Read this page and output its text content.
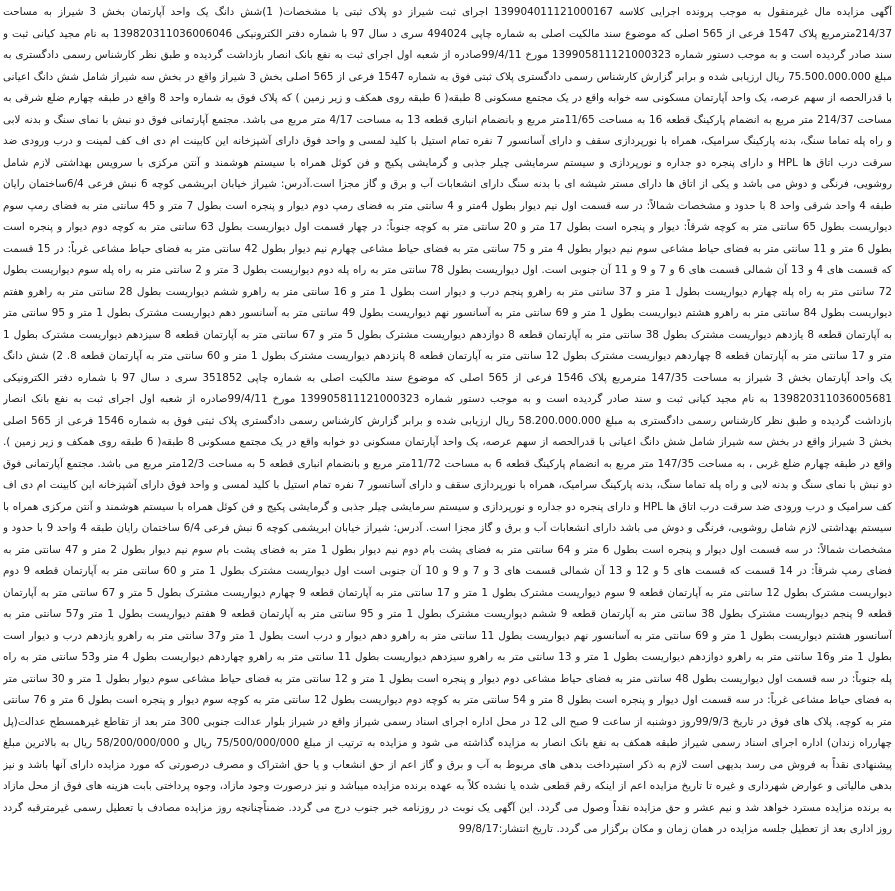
آگهی مزایده مال غیرمنقول به موجب پرونده اجرایی کلاسه 139904011121000167 اجرای ثبت شیراز دو پلاک ثبتی با مشخصات( 1)شش دانگ یک واحد آپارتمان بخش 3 شیراز به مساحت 214/37مترمربع پلاک 1547 فرعی از 565 اصلی که موضوع سند مالکیت اصلی به شماره چاپی 494024 سری د سال 97 با شماره دفتر الکترونیکی 139820311036006046 به نام مجید کیانی ثبت و سند صادر گردیده است و به موجب دستور شماره 139905811121000323 مورخ 99/4/11صادره از شعبه اول اجرای ثبت به نفع بانک انصار بازداشت گردیده و طبق نظر کارشناس رسمی دادگستری به مبلغ 75.500.000.000 ریال ارزیابی شده و برابر گزارش کارشناس رسمی دادگستری پلاک ثبتی فوق به شماره 1547 فرعی از 565 اصلی بخش 3 شیراز واقع در بخش سه شیراز شامل شش دانگ اعیانی با قدرالحصه از سهم عرصه، یک واحد آپارتمان مسکونی سه خوابه واقع در یک مجتمع مسکونی 8 طبقه( 6 طبقه روی همکف و زیر زمین ) که پلاک فوق به شماره واحد 8 واقع در طبقه چهارم ضلع شرقی به مساحت 214/37 متر مربع به انضمام پارکینگ قطعه 16 به مساحت 11/65متر مربع و بانضمام انباری قطعه 13 به مساحت 4/17 متر مربع می باشد. مجتمع آپارتمانی فوق دو نبش با نمای سنگ و بدنه لابی و راه پله تماما سنگ، بدنه پارکینگ سرامیک، همراه با نورپردازی سقف و دارای آسانسور 7 نفره تمام استیل با کلید لمسی و واحد فوق دارای آشپزخانه این کابینت ام دی اف کف لمینت و درب ورودی ضد سرقت درب اتاق ها HPL و دارای پنجره دو جداره و نورپردازی و سیستم سرمایشی چیلر جذبی و گرمایشی پکیج و فن کوئل همراه با سیستم هوشمند و آنتن مرکزی با سرویس بهداشتی لازم شامل روشویی، فرنگی و دوش می باشد و یکی از اتاق ها دارای مستر شیشه ای با بدنه سنگ دارای انشعابات آب و برق و گاز مجزا است.آدرس: شیراز خیابان ابریشمی کوچه 6 نبش فرعی 6/4ساختمان رایان طبقه 4 واحد شرقی واحد 8 با حدود و مشخصات شمالاً: در سه قسمت اول نیم دیوار بطول 4متر و 4 سانتی متر به فضای رمپ دوم دیوار و پنجره است بطول 7 متر و 45 سانتی متر به فضای رمپ سوم دیواریست بطول 65 سانتی متر به کوچه شرقاً: دیوار و پنجره است بطول 17 متر و 20 سانتی متر به کوچه جنوباً: در چهار قسمت اول دیواریست بطول 63 سانتی متر به کوچه دوم دیوار و پنجره است بطول 6 متر و 11 سانتی متر به فضای حیاط مشاعی سوم نیم دیوار بطول 4 متر و 75 سانتی متر به فضای حیاط مشاعی چهارم نیم دیوار بطول 42 سانتی متر به فضای حیاط مشاعی غرباً: در 15 قسمت که قسمت های 4 و 13 آن شمالی قسمت های 6 و 7 و 9 و 11 آن جنوبی است. اول دیواریست بطول 78 سانتی متر به راه پله دوم دیواریست بطول 3 متر و 2 سانتی متر به راه پله سوم دیواریست بطول 72 سانتی متر به راه پله چهارم دیواریست بطول 1 متر و 37 سانتی متر به راهرو پنجم درب و دیوار است بطول 1 متر و 16 سانتی متر به راهرو ششم دیواریست بطول 28 سانتی متر به راهرو هفتم دیواریست بطول 84 سانتی متر به راهرو هشتم دیواریست بطول 1 متر و 69 سانتی متر به آسانسور نهم دیواریست بطول 49 سانتی متر به آسانسور دهم دیواریست مشترک بطول 1 متر و 95 سانتی متر به آپارتمان قطعه 8 یازدهم دیواریست مشترک بطول 38 سانتی متر به آپارتمان قطعه 8 دوازدهم دیواریست مشترک بطول 5 متر و 67 سانتی متر به آپارتمان قطعه 8 سیزدهم دیواریست مشترک بطول 1 متر و 17 سانتی متر به آپارتمان قطعه 8 چهاردهم دیواریست مشترک بطول 12 سانتی متر به آپارتمان قطعه 8 پانزدهم دیواریست مشترک بطول 1 متر و 60 سانتی متر به آپارتمان قطعه 8. 2) شش دانگ یک واحد آپارتمان بخش 3 شیراز به مساحت 147/35 مترمربع پلاک 1546 فرعی از 565 اصلی که موضوع سند مالکیت اصلی به شماره چاپی 351852 سری د سال 97 با شماره دفتر الکترونیکی 139820311036005681 به نام مجید کیانی ثبت و سند صادر گردیده است و به موجب دستور شماره 139905811121000323 مورخ 99/4/11صادره از شعبه اول اجرای ثبت به نفع بانک انصار بازداشت گردیده و طبق نظر کارشناس رسمی دادگستری به مبلغ 58.200.000.000 ریال ارزیابی شده و برابر گزارش کارشناس رسمی دادگستری پلاک ثبتی فوق به شماره 1546 فرعی از 565 اصلی بخش 3 شیراز واقع در بخش سه شیراز شامل شش دانگ اعیانی با قدرالحصه از سهم عرصه، یک واحد آپارتمان مسکونی دو خوابه واقع در یک مجتمع مسکونی 8 طبقه( 6 طبقه روی همکف و زیر زمین ). واقع در طبقه چهارم ضلع غربی ، به مساحت 147/35 متر مربع به انضمام پارکینگ قطعه 6 به مساحت 11/72متر مربع و بانضمام انباری قطعه 5 به مساحت 12/3متر مربع می باشد. مجتمع آپارتمانی فوق دو نبش با نمای سنگ و بدنه لابی و راه پله تماما سنگ، بدنه پارکینگ سرامیک، همراه با نورپردازی سقف و دارای آسانسور 7 نفره تمام استیل با کلید لمسی و واحد فوق دارای آشپزخانه این کابینت ام دی اف کف سرامیک و درب ورودی ضد سرقت درب اتاق ها HPL و دارای پنجره دو جداره و نورپردازی و سیستم سرمایشی چیلر جذبی و گرمایشی پکیج و فن کوئل همراه با سیستم هوشمند و آنتن مرکزی همراه با سیستم بهداشتی لازم شامل روشویی، فرنگی و دوش می باشد دارای انشعابات آب و برق و گاز مجزا است. آدرس: شیراز خیابان ابریشمی کوچه 6 نبش فرعی 6/4 ساختمان رایان طبقه 4 واحد 9 با حدود و مشخصات شمالاً: در سه قسمت اول دیوار و پنجره است بطول 6 متر و 64 سانتی متر به فضای پشت بام دوم نیم دیوار بطول 1 متر به فضای پشت بام سوم نیم دیوار بطول 2 متر و 47 سانتی متر به فضای رمپ شرقاً: در 14 قسمت که قسمت های 5 و 12 و 13 آن شمالی قسمت های 3 و 7 و 9 و 10 آن جنوبی است اول دیواریست مشترک بطول 1 متر و 60 سانتی متر به آپارتمان قطعه 9 دوم دیواریست مشترک بطول 12 سانتی متر به آپارتمان قطعه 9 سوم دیواریست مشترک بطول 1 متر و 17 سانتی متر به آپارتمان قطعه 9 چهارم دیواریست مشترک بطول 5 متر و 67 سانتی متر به آپارتمان قطعه 9 پنجم دیواریست مشترک بطول 38 سانتی متر به آپارتمان قطعه 9 ششم دیواریست مشترک بطول 1 متر و 95 سانتی متر به آپارتمان قطعه 9 هفتم دیواریست بطول 1 متر و57 سانتی متر به آسانسور هشتم دیواریست بطول 1 متر و 69 سانتی متر به آسانسور نهم دیواریست بطول 11 سانتی متر به راهرو دهم دیوار و درب است بطول 1 متر و37 سانتی متر به راهرو یازدهم درب و دیوار است بطول 1 متر و16 سانتی متر به راهرو دوازدهم دیواریست بطول 1 متر و 13 سانتی متر به راهرو سیزدهم دیواریست بطول 11 سانتی متر به راهرو چهاردهم دیواریست بطول 4 متر و53 سانتی متر به راه پله جنوباً: در سه قسمت اول دیواریست بطول 48 سانتی متر به فضای حیاط مشاعی دوم دیوار و پنجره است بطول 1 متر و 12 سانتی متر به فضای حیاط مشاعی سوم دیوار بطول 1 متر و 30 سانتی متر به فضای حیاط مشاعی غرباً: در سه قسمت اول دیوار و پنجره است بطول 8 متر و 54 سانتی متر به کوچه دوم دیواریست بطول 12 سانتی متر به کوچه سوم دیوار و پنجره است بطول 6 متر و 76 سانتی متر به کوچه. پلاک های فوق در تاریخ 99/9/3روز دوشنبه از ساعت 9 صبح الی 12 در محل اداره اجرای اسناد رسمی شیراز واقع در شیراز بلوار عدالت جنوبی 300 متر بعد از تقاطع غیرهمسطح عدالت(پل چهارراه زندان) اداره اجرای اسناد رسمی شیراز طبقه همکف به نفع بانک انصار به مزایده گذاشته می شود و مزایده به ترتیب از مبلغ 75/500/000/000 ریال و 58/200/000/000 ریال به بالاترین مبلغ پیشنهادی نقداً به فروش می رسد بدیهی است لازم به ذکر استپرداخت بدهی های مربوط به آب و برق و گاز اعم از حق انشعاب و یا حق اشتراک و مصرف درصورتی که مورد مزایده دارای آنها باشد و نیز بدهی مالیاتی و عوارض شهرداری و غیره تا تاریخ مزایده اعم از اینکه رقم قطعی شده یا نشده کلاً به عهده برنده مزایده میباشد و نیز درصورت وجود مازاد، وجوه پرداختی بابت هزینه های فوق از محل مازاد به برنده مزایده مسترد خواهد شد و نیم عشر و حق مزایده نقداً وصول می گردد. این آگهی یک نوبت در روزنامه خبر جنوب درج می گردد. ضمناًچنانچه روز مزایده مصادف با تعطیل رسمی غیرمترقبه گردد روز اداری بعد از تعطیل جلسه مزایده در همان زمان و مکان برگزار می گردد. تاریخ انتشار:99/8/17
